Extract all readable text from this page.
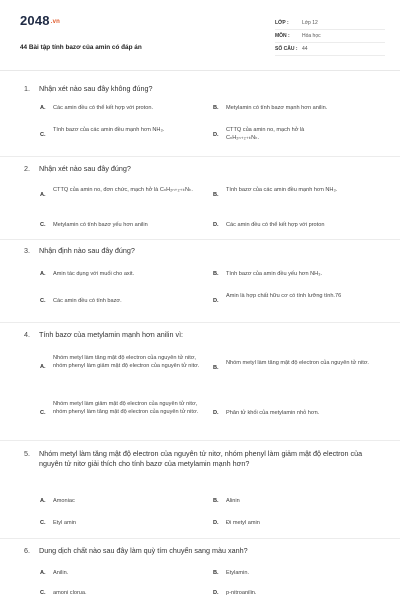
2048.vn
44 Bài tập tính bazơ của amin có đáp án
LỚP :	Lớp 12
MÔN : Hóa học
SỐ CÂU : 44
1. Nhận xét nào sau đây không đúng?
A. Các amin đều có thể kết hợp với proton.	B. Metylamin có tính bazơ mạnh hơn anilin.
C.
Tính bazơ của các amin đều mạnh hơn NH₃.
D.
CTTQ của amin no, mạch hở là CₙH₂ₙ₊₂₊ₖNₖ.
2. Nhận xét nào sau đây đúng?
A.
CTTQ của amin no, đơn chức, mạch hở là CₙH₂ₙ₊₂₊ₖNₖ.
B.
Tính bazơ của các amin đều mạnh hơn NH₃.
C. Metylamin có tính bazơ yếu hơn anilin	D. Các amin đều có thể kết hợp với proton
3. Nhận định nào sau đây đúng?
A. Amin tác dụng với muối cho axit.	B. Tính bazơ của amin đều yếu hơn NH₃.
C. Các amin đều có tính bazơ.	D.
Amin là hợp chất hữu cơ có tính lưỡng tính.76
4. Tính bazơ của metylamin mạnh hơn anilin vì:
A.
Nhóm metyl làm tăng mật độ electron của nguyên tử nitơ, nhóm phenyl làm giảm mật độ electron của nguyên tử nitơ.	B.
Nhóm metyl làm tăng mật độ electron của nguyên tử nitơ.
C.
Nhóm metyl làm giảm mật độ electron của nguyên tử nitơ, nhóm phenyl làm tăng mật độ electron của nguyên tử nitơ.	D. Phân tử khối của metylamin nhỏ hơn.
5. Nhóm metyl làm tăng mật độ electron của nguyên tử nitơ, nhóm phenyl làm giảm mật độ electron của nguyên tử nitơ giải thích cho tính bazơ của metylamin mạnh hơn?
A. Amoniac	B. Alinin
C. Etyl amin	D. Đi metyl amin
6. Dung dịch chất nào sau đây làm quỳ tím chuyển sang màu xanh?
A. Anilin.	B. Etylamin.
C. amoni clorua.	D. p-nitroanilin.
